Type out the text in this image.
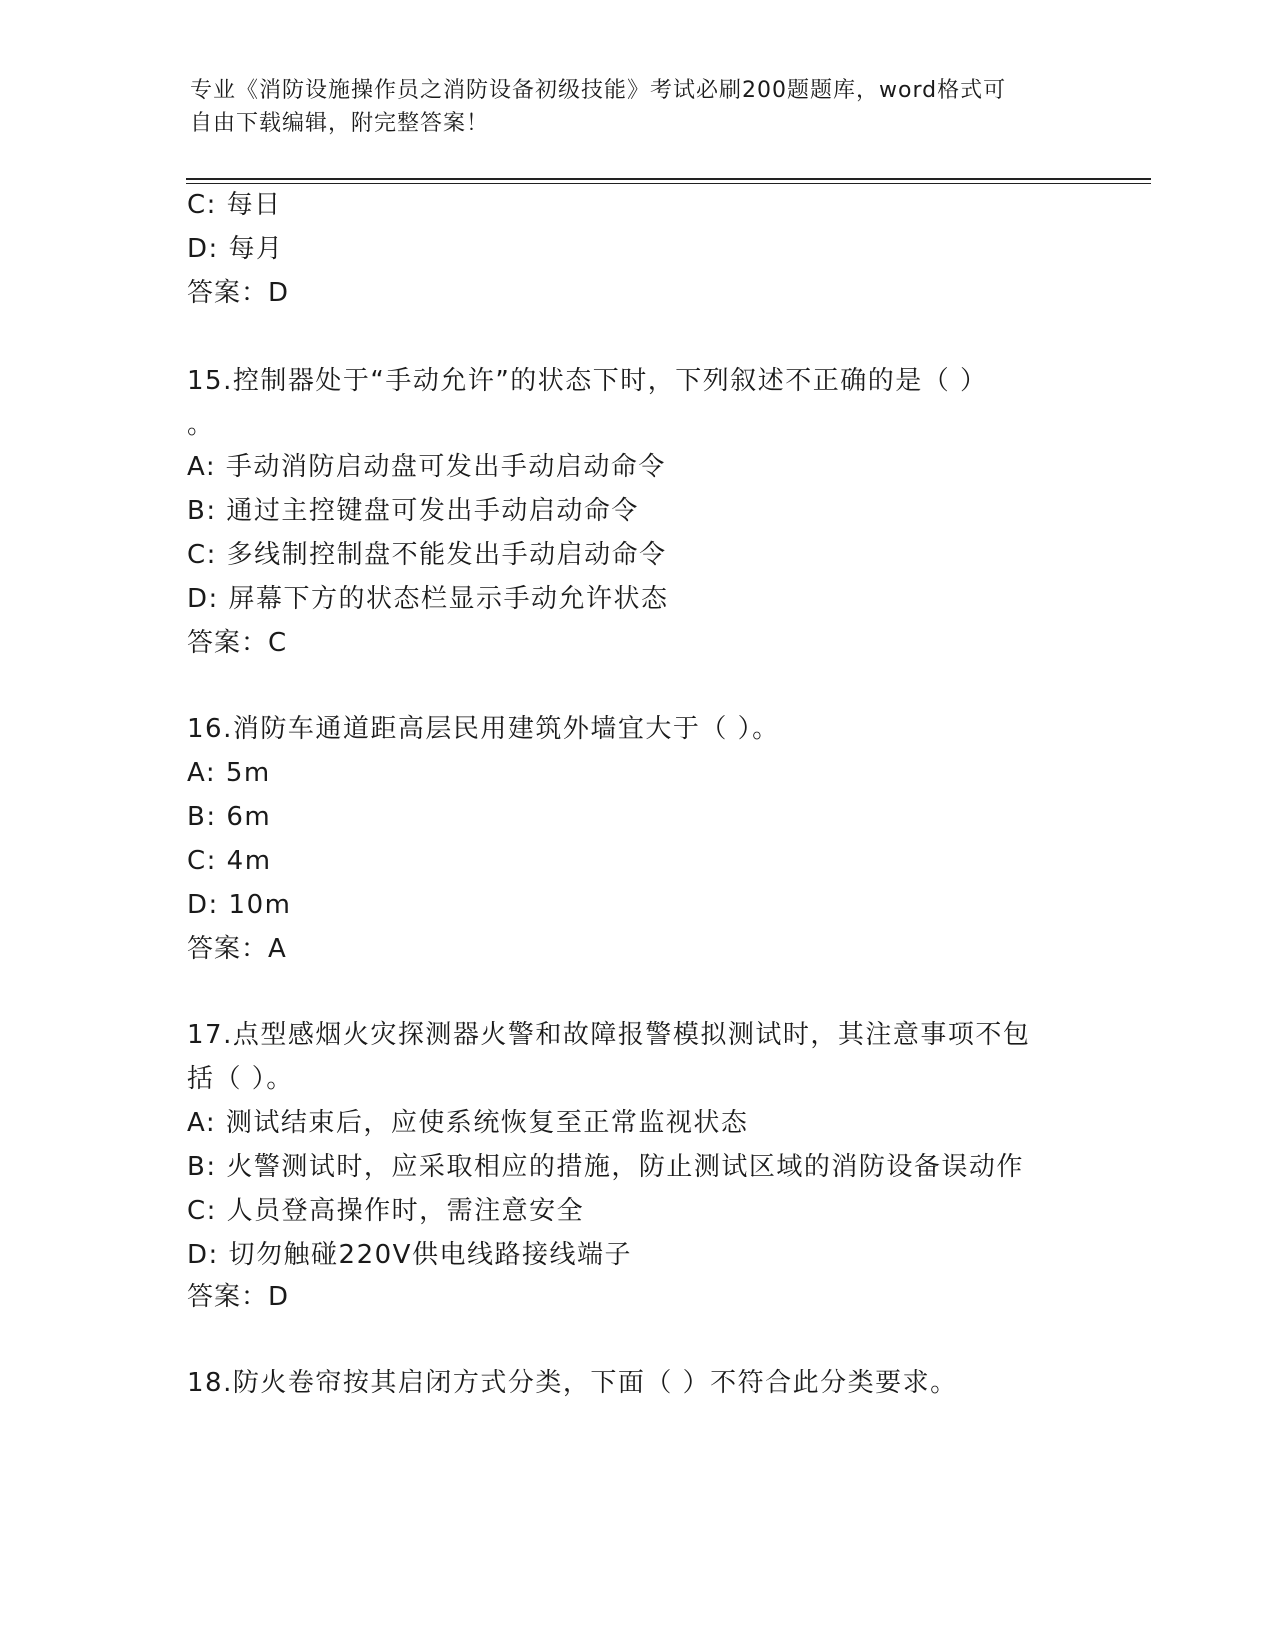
专业《消防设施操作员之消防设备初级技能》考试必刷200题题库，word格式可
自由下载编辑，附完整答案！
C: 每日
D: 每月
答案：D
15.控制器处于“手动允许”的状态下时，下列叙述不正确的是（ ）
。
A: 手动消防启动盘可发出手动启动命令
B: 通过主控键盘可发出手动启动命令
C: 多线制控制盘不能发出手动启动命令
D: 屏幕下方的状态栏显示手动允许状态
答案：C
16.消防车通道距高层民用建筑外墙宜大于（ ）。
A: 5m
B: 6m
C: 4m
D: 10m
答案：A
17.点型感烟火灾探测器火警和故障报警模拟测试时，其注意事项不包
括（ ）。
A: 测试结束后，应使系统恢复至正常监视状态
B: 火警测试时，应采取相应的措施，防止测试区域的消防设备误动作
C: 人员登高操作时，需注意安全
D: 切勿触碰220V供电线路接线端子
答案：D
18.防火卷帘按其启闭方式分类，下面（ ）不符合此分类要求。
